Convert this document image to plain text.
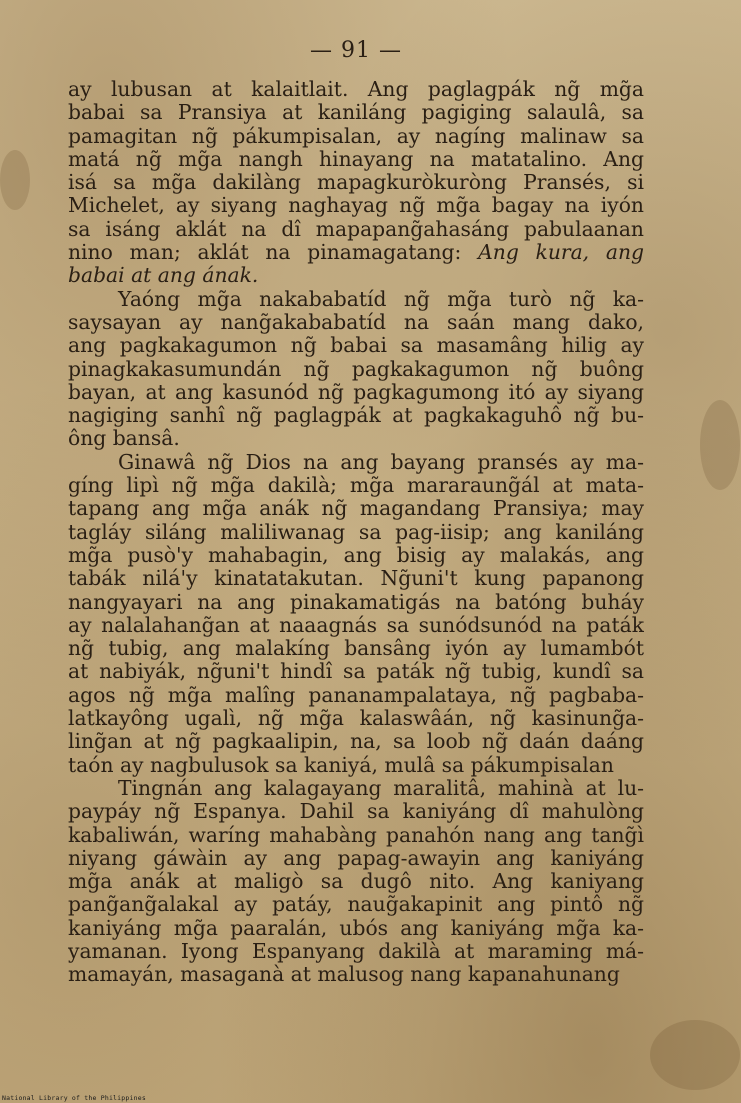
— 91 —
ay lubusan at kalaitlait. Ang paglagpák ng̃ mg̃a
babai sa Pransiya at kaniláng pagiging salaulâ, sa
pamagitan ng̃ pákumpisalan, ay nagíng malinaw sa
matá ng̃ mg̃a nangh hinayang na matatalino. Ang
isá sa mg̃a dakilàng mapagkuròkuròng Pransés, si
Michelet, ay siyang naghayag ng̃ mg̃a bagay na iyón
sa isáng aklát na dî mapapang̃ahasáng pabulaanan
nino man; aklát na pinamagatang: Ang kura, ang
babai at ang ának.
Yaóng mg̃a nakababatíd ng̃ mg̃a turò ng̃ ka-
saysayan ay nang̃akababatíd na saán mang dako,
ang pagkakagumon ng̃ babai sa masamâng hilig ay
pinagkakasumundán ng̃ pagkakagumon ng̃ buông
bayan, at ang kasunód ng̃ pagkagumong itó ay siyang
nagiging sanhî ng̃ paglagpák at pagkakaguhô ng̃ bu-
ông bansâ.
Ginawâ ng̃ Dios na ang bayang pransés ay ma-
gíng lipì ng̃ mg̃a dakilà; mg̃a mararaung̃ál at mata-
tapang ang mg̃a anák ng̃ magandang Pransiya; may
tagláy siláng maliliwanag sa pag-iisip; ang kaniláng
mg̃a pusò'y mahabagin, ang bisig ay malakás, ang
tabák nilá'y kinatatakutan. Ng̃uni't kung papanong
nangyayari na ang pinakamatigás na batóng buháy
ay nalalahang̃an at naaagnás sa sunódsunód na paták
ng̃ tubig, ang malakíng bansâng iyón ay lumambót
at nabiyák, ng̃uni't hindî sa paták ng̃ tubig, kundî sa
agos ng̃ mg̃a malîng pananampalataya, ng̃ pagbaba-
latkayông ugalì, ng̃ mg̃a kalaswâán, ng̃ kasinung̃a-
ling̃an at ng̃ pagkaalipin, na, sa loob ng̃ daán daáng
taón ay nagbulusok sa kaniyá, mulâ sa pákumpisalan
Tingnán ang kalagayang maralitâ, mahinà at lu-
paypáy ng̃ Espanya. Dahil sa kaniyáng dî mahulòng
kabaliwán, waríng mahabàng panahón nang ang tang̃ì
niyang gáwàin ay ang papag-awayin ang kaniyáng
mg̃a anák at maligò sa dugô nito. Ang kaniyang
pang̃ang̃alakal ay patáy, naug̃akapinit ang pintô ng̃
kaniyáng mg̃a paaralán, ubós ang kaniyáng mg̃a ka-
yamanan. Iyong Espanyang dakilà at maraming má-
mamayán, masaganà at malusog nang kapanahunang
National Library of the Philippines
